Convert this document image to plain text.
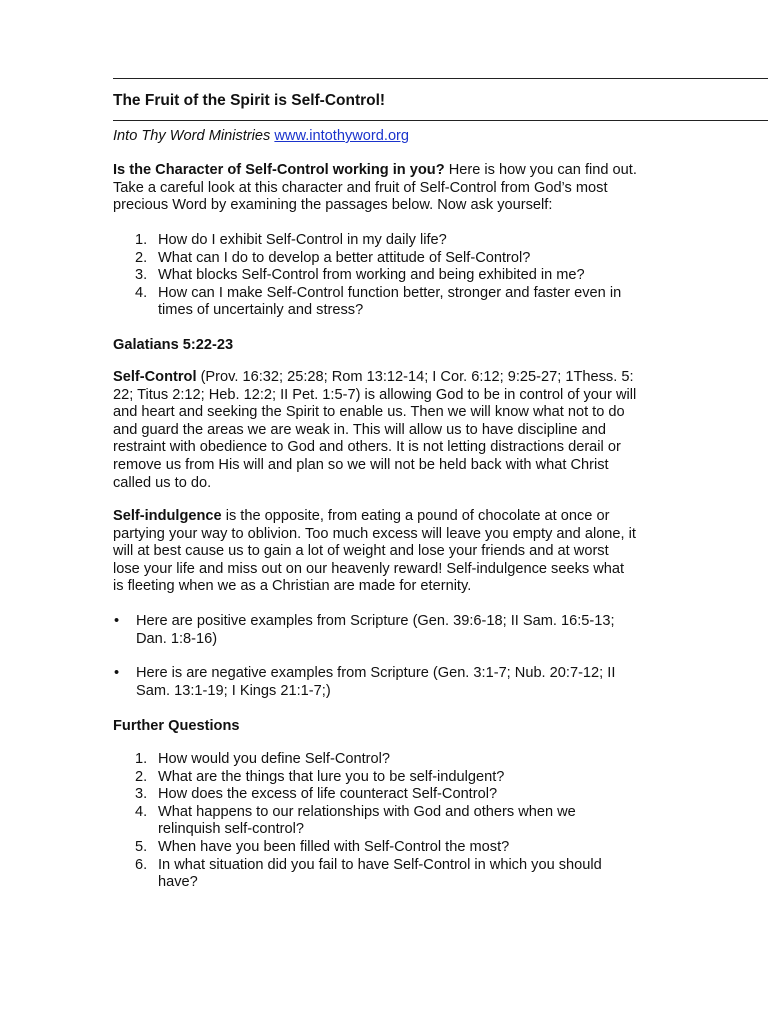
The Fruit of the Spirit is Self-Control!
Into Thy Word Ministries www.intothyword.org
Is the Character of Self-Control working in you? Here is how you can find out.
Take a careful look at this character and fruit of Self-Control from God’s most
precious Word by examining the passages below. Now ask yourself:
1. How do I exhibit Self-Control in my daily life?
2. What can I do to develop a better attitude of Self-Control?
3. What blocks Self-Control from working and being exhibited in me?
4. How can I make Self-Control function better, stronger and faster even in
times of uncertainly and stress?
Galatians 5:22-23
Self-Control (Prov. 16:32; 25:28; Rom 13:12-14; I Cor. 6:12; 9:25-27; 1Thess. 5:
22; Titus 2:12; Heb. 12:2; II Pet. 1:5-7) is allowing God to be in control of your will
and heart and seeking the Spirit to enable us. Then we will know what not to do
and guard the areas we are weak in. This will allow us to have discipline and
restraint with obedience to God and others. It is not letting distractions derail or
remove us from His will and plan so we will not be held back with what Christ
called us to do.
Self-indulgence is the opposite, from eating a pound of chocolate at once or
partying your way to oblivion. Too much excess will leave you empty and alone, it
will at best cause us to gain a lot of weight and lose your friends and at worst
lose your life and miss out on our heavenly reward! Self-indulgence seeks what
is fleeting when we as a Christian are made for eternity.
• Here are positive examples from Scripture (Gen. 39:6-18; II Sam. 16:5-13;
Dan. 1:8-16)
• Here is are negative examples from Scripture (Gen. 3:1-7; Nub. 20:7-12; II
Sam. 13:1-19; I Kings 21:1-7;)
Further Questions
1. How would you define Self-Control?
2. What are the things that lure you to be self-indulgent?
3. How does the excess of life counteract Self-Control?
4. What happens to our relationships with God and others when we
relinquish self-control?
5. When have you been filled with Self-Control the most?
6. In what situation did you fail to have Self-Control in which you should
have?
